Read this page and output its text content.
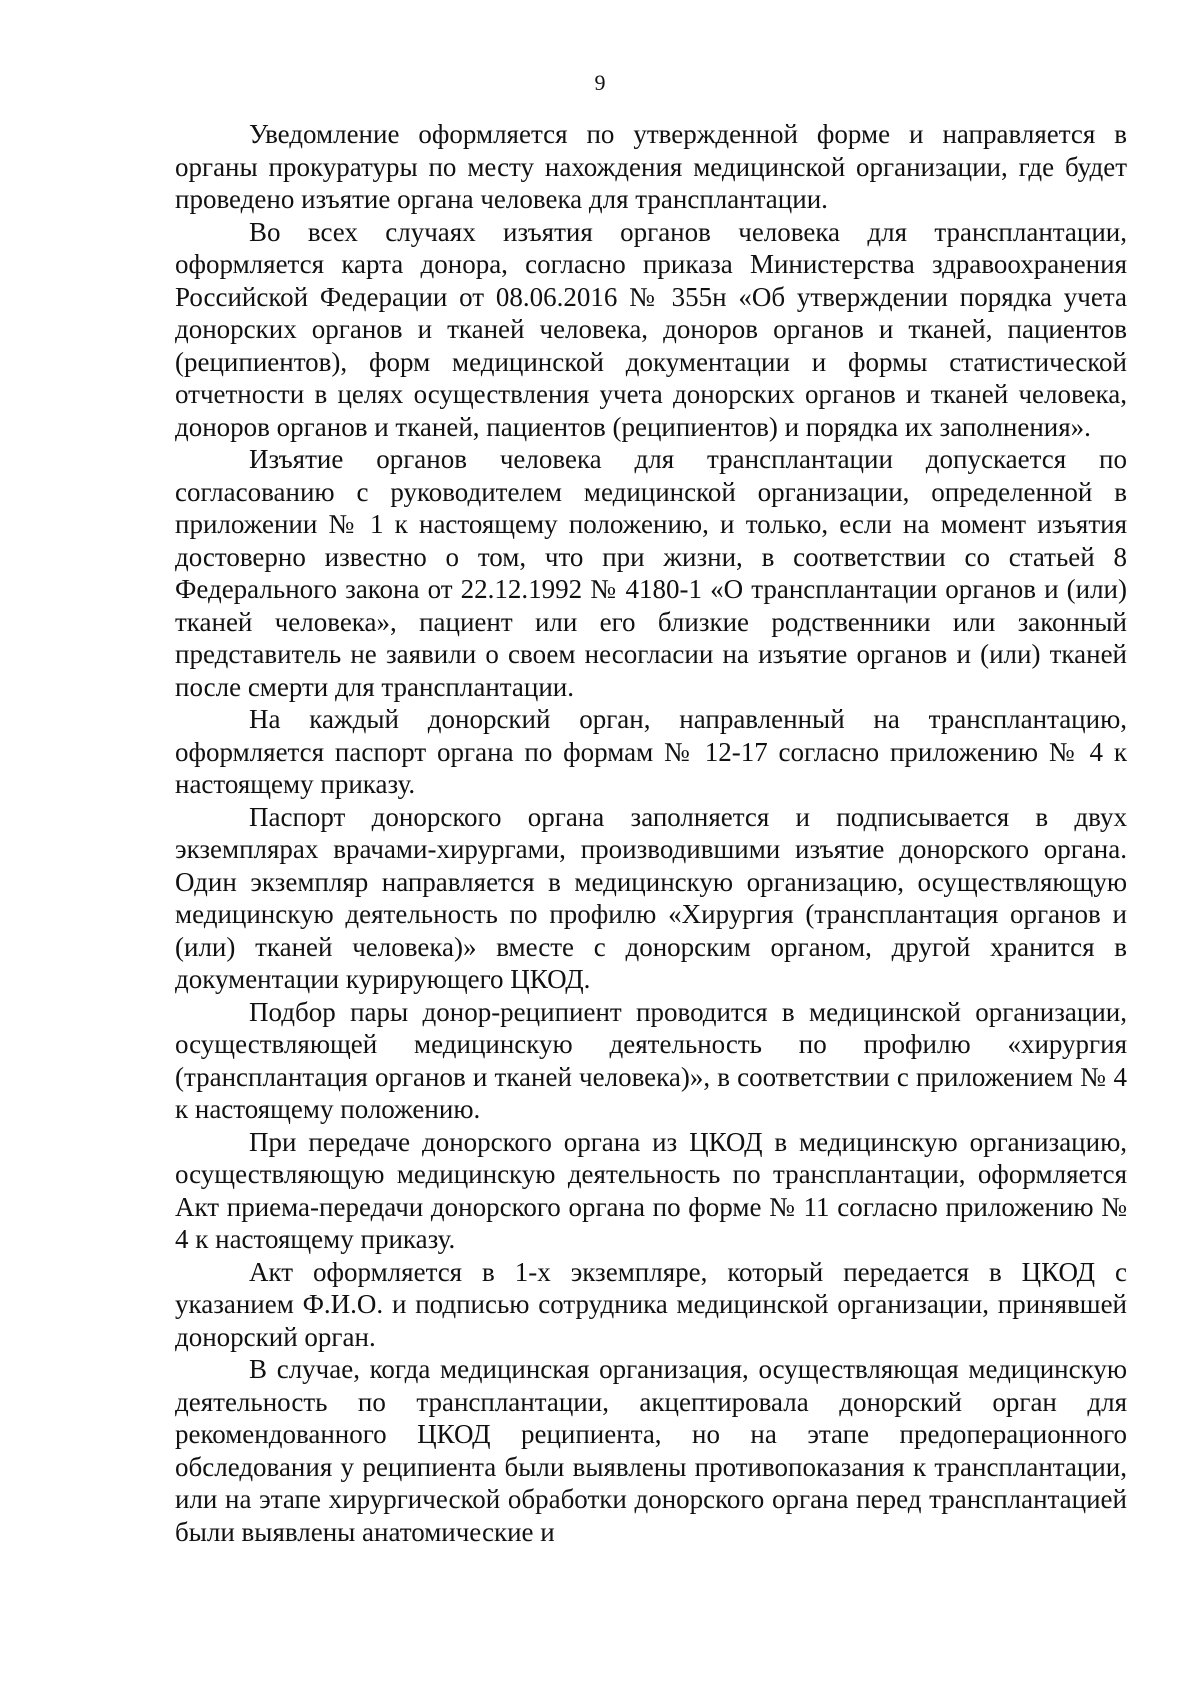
9

Уведомление оформляется по утвержденной форме и направляется в органы прокуратуры по месту нахождения медицинской организации, где будет проведено изъятие органа человека для трансплантации.

Во всех случаях изъятия органов человека для трансплантации, оформляется карта донора, согласно приказа Министерства здравоохранения Российской Федерации от 08.06.2016 № 355н «Об утверждении порядка учета донорских органов и тканей человека, доноров органов и тканей, пациентов (реципиентов), форм медицинской документации и формы статистической отчетности в целях осуществления учета донорских органов и тканей человека, доноров органов и тканей, пациентов (реципиентов) и порядка их заполнения».

Изъятие органов человека для трансплантации допускается по согласованию с руководителем медицинской организации, определенной в приложении № 1 к настоящему положению, и только, если на момент изъятия достоверно известно о том, что при жизни, в соответствии со статьей 8 Федерального закона от 22.12.1992 № 4180-1 «О трансплантации органов и (или) тканей человека», пациент или его близкие родственники или законный представитель не заявили о своем несогласии на изъятие органов и (или) тканей после смерти для трансплантации.

На каждый донорский орган, направленный на трансплантацию, оформляется паспорт органа по формам № 12-17 согласно приложению № 4 к настоящему приказу.

Паспорт донорского органа заполняется и подписывается в двух экземплярах врачами-хирургами, производившими изъятие донорского органа. Один экземпляр направляется в медицинскую организацию, осуществляющую медицинскую деятельность по профилю «Хирургия (трансплантация органов и (или) тканей человека)» вместе с донорским органом, другой хранится в документации курирующего ЦКОД.

Подбор пары донор-реципиент проводится в медицинской организации, осуществляющей медицинскую деятельность по профилю «хирургия (трансплантация органов и тканей человека)», в соответствии с приложением № 4 к настоящему положению.

При передаче донорского органа из ЦКОД в медицинскую организацию, осуществляющую медицинскую деятельность по трансплантации, оформляется Акт приема-передачи донорского органа по форме № 11 согласно приложению № 4 к настоящему приказу.

Акт оформляется в 1-х экземпляре, который передается в ЦКОД с указанием Ф.И.О. и подписью сотрудника медицинской организации, принявшей донорский орган.

В случае, когда медицинская организация, осуществляющая медицинскую деятельность по трансплантации, акцептировала донорский орган для рекомендованного ЦКОД реципиента, но на этапе предоперационного обследования у реципиента были выявлены противопоказания к трансплантации, или на этапе хирургической обработки донорского органа перед трансплантацией были выявлены анатомические и
